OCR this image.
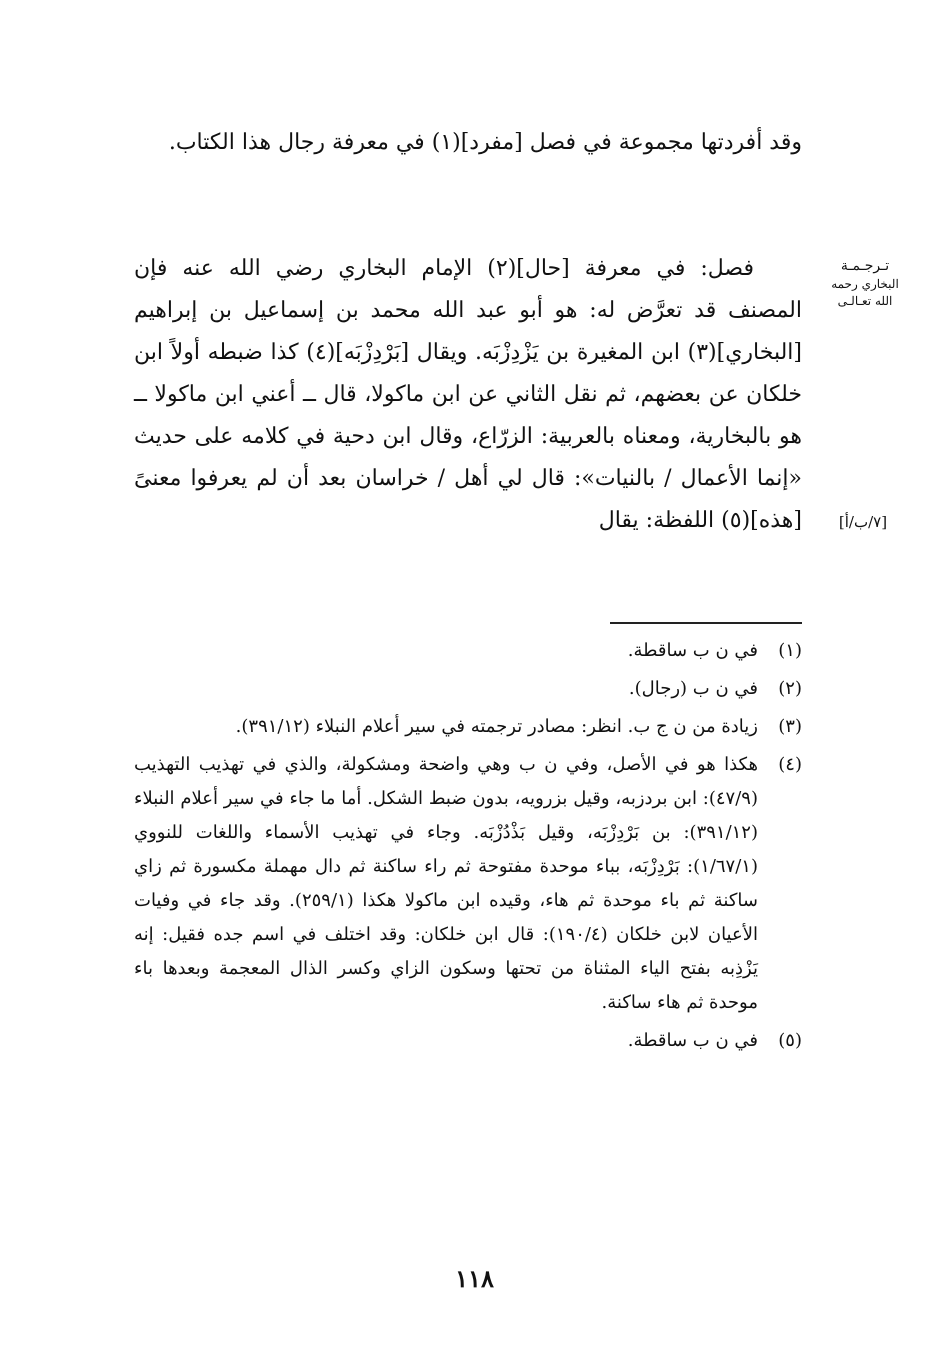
وقد أفردتها مجموعة في فصل [مفرد](١) في معرفة رجال هذا الكتاب.

تـرجـمـة
البخاري رحمه
الله تعـالـى

فصل: في معرفة [حال](٢) الإمام البخاري رضي الله عنه فإن المصنف قد تعرَّض له: هو أبو عبد الله محمد بن إسماعيل بن إبراهيم [البخاري](٣) ابن المغيرة بن يَزْدِزْبَه. ويقال [بَرْدِزْبَه](٤) كذا ضبطه أولاً ابن خلكان عن بعضهم، ثم نقل الثاني عن ابن ماكولا، قال ــ أعني ابن ماكولا ــ هو بالبخارية، ومعناه بالعربية: الزرّاع، وقال ابن دحية في كلامه على حديث «إنما الأعمال / بالنيات»: قال لي أهل / خراسان بعد أن لم يعرفوا معنىً [هذه](٥) اللفظة: يقال	[٧/ب/أ]
(١)
في ن ب ساقطة.
(٢)
في ن ب (رجال).
(٣)
زيادة من ن ج ب. انظر: مصادر ترجمته في سير أعلام النبلاء (٣٩١/١٢).
(٤)
هكذا هو في الأصل، وفي ن ب وهي واضحة ومشكولة، والذي في تهذيب التهذيب (٤٧/٩): ابن بردزبه، وقيل بزرويه، بدون ضبط الشكل. أما ما جاء في سير أعلام النبلاء (٣٩١/١٢): بن بَرْدِزْبَه، وقيل بَذْدُزْبَه. وجاء في تهذيب الأسماء واللغات للنووي (١/٦٧/١): بَرْدِزْبَه، بباء موحدة مفتوحة ثم راء ساكنة ثم دال مهملة مكسورة ثم زاي ساكنة ثم باء موحدة ثم هاء، وقيده ابن ماكولا هكذا (٢٥٩/١). وقد جاء في وفيات الأعيان لابن خلكان (١٩٠/٤): قال ابن خلكان: وقد اختلف في اسم جده فقيل: إنه يَزْذِبه بفتح الياء المثناة من تحتها وسكون الزاي وكسر الذال المعجمة وبعدها باء موحدة ثم هاء ساكنة.
(٥)
في ن ب ساقطة.
١١٨
